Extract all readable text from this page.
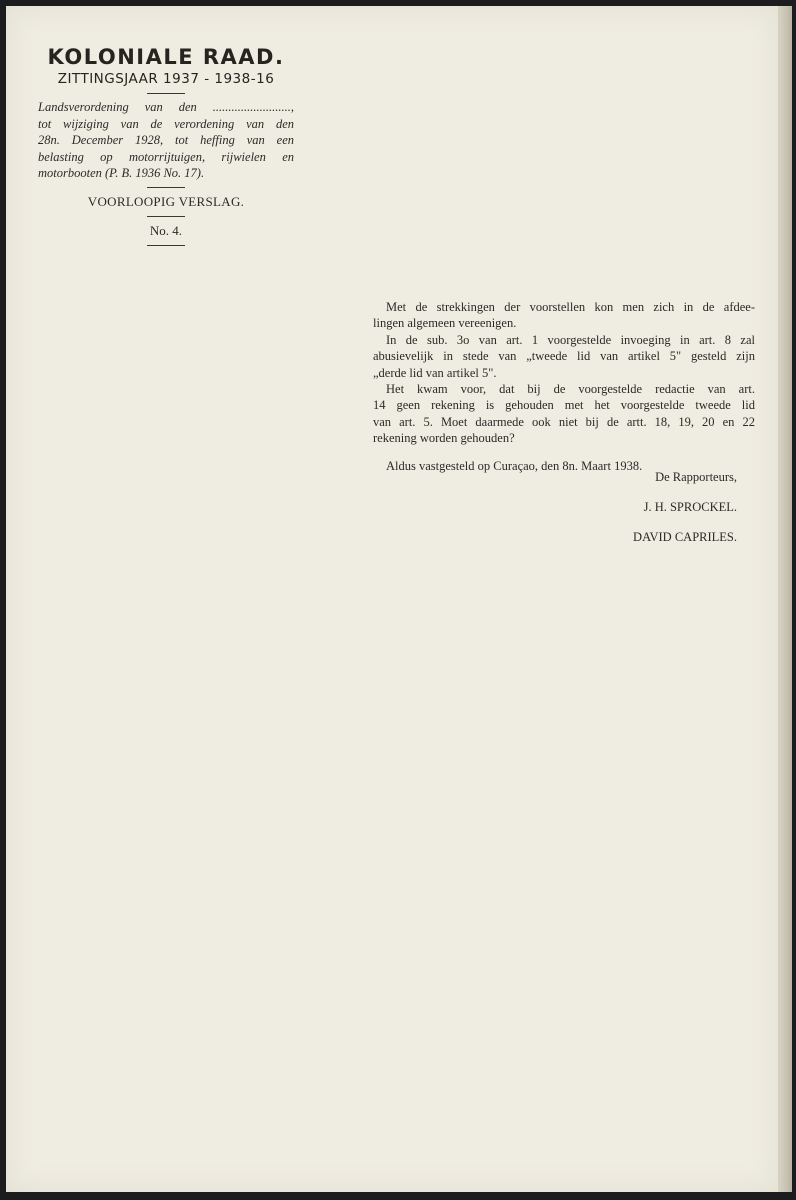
KOLONIALE RAAD.

ZITTINGSJAAR 1937 - 1938-16

Landsverordening van den .........................,
tot wijziging van de verordening van den
28n. December 1928, tot heffing van een
belasting op motorrijtuigen, rijwielen en
motorbooten (P. B. 1936 No. 17).

VOORLOOPIG VERSLAG.

No. 4.

Met de strekkingen der voorstellen kon men zich in de afdee-
lingen algemeen vereenigen.

In de sub. 3o van art. 1 voorgestelde invoeging in art. 8 zal
abusievelijk in stede van „tweede lid van artikel 5" gesteld zijn
„derde lid van artikel 5".

Het kwam voor, dat bij de voorgestelde redactie van art.
14 geen rekening is gehouden met het voorgestelde tweede lid
van art. 5. Moet daarmede ook niet bij de artt. 18, 19, 20 en 22
rekening worden gehouden?

Aldus vastgesteld op Curaçao, den 8n. Maart 1938.

De Rapporteurs,
J. H. SPROCKEL.
DAVID CAPRILES.
